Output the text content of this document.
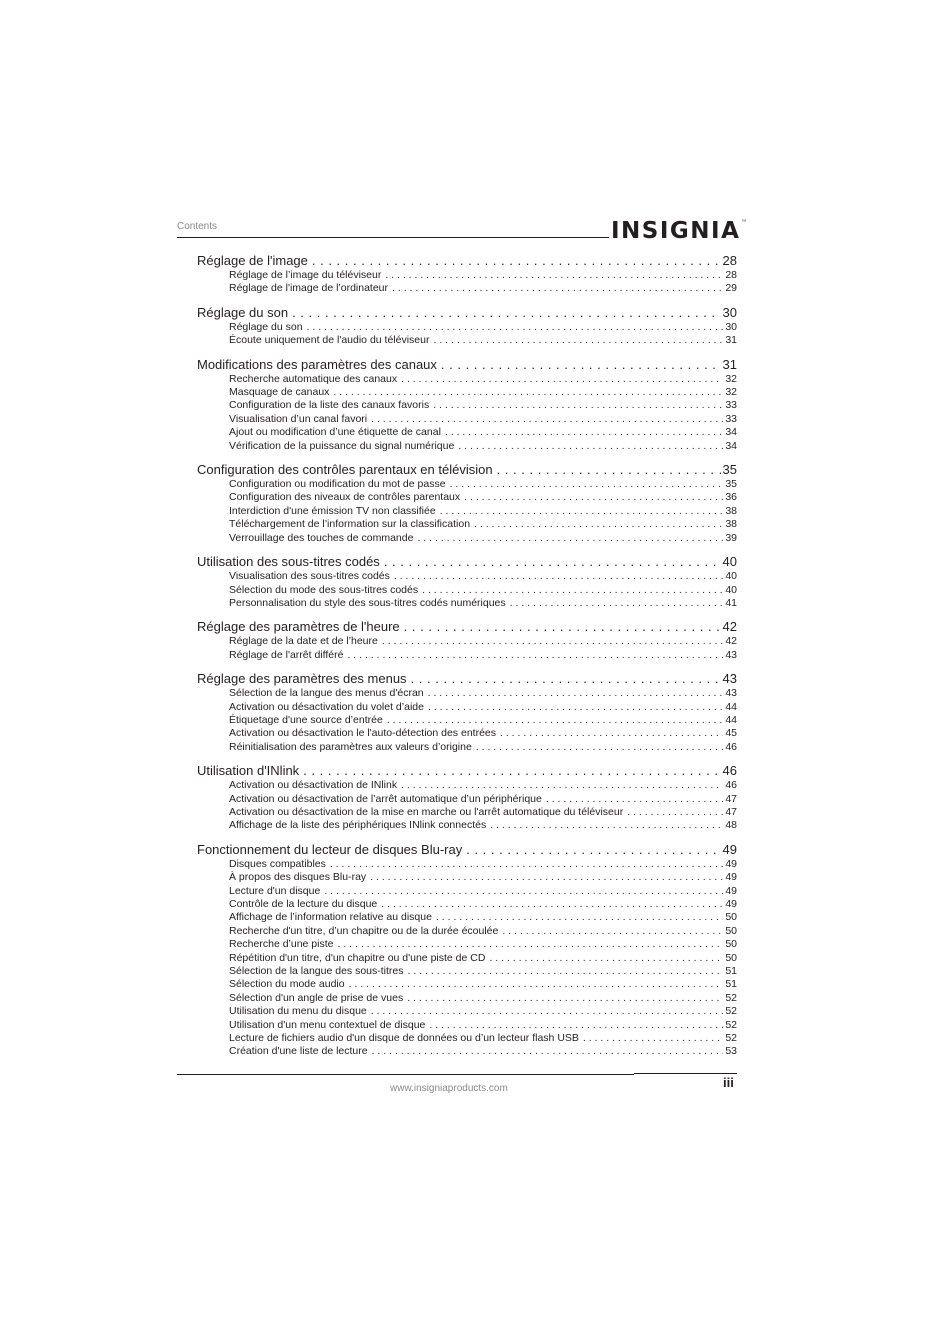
Contents	INSIGNIA ™
Réglage de l'image . . .	28
Réglage de l’image du téléviseur . . .	28
Réglage de l'image de l’ordinateur . . .	29
Réglage du son . . .	30
Réglage du son . . .	30
Écoute uniquement de l'audio du téléviseur . . .	31
Modifications des paramètres des canaux . . .	31
Recherche automatique des canaux . . .	32
Masquage de canaux . . .	32
Configuration de la liste des canaux favoris . . .	33
Visualisation d’un canal favori . . .	33
Ajout ou modification d’une étiquette de canal . . .	34
Vérification de la puissance du signal numérique . . .	34
Configuration des contrôles parentaux en télévision . . .	35
Configuration ou modification du mot de passe . . .	35
Configuration des niveaux de contrôles parentaux . . .	36
Interdiction d'une émission TV non classifiée . . .	38
Téléchargement de l’information sur la classification . . .	38
Verrouillage des touches de commande . . .	39
Utilisation des sous-titres codés . . .	40
Visualisation des sous-titres codés . . .	40
Sélection du mode des sous-titres codés . . .	40
Personnalisation du style des sous-titres codés numériques . . .	41
Réglage des paramètres de l'heure . . .	42
Réglage de la date et de l’heure . . .	42
Réglage de l'arrêt différé . . .	43
Réglage des paramètres des menus . . .	43
Sélection de la langue des menus d'écran . . .	43
Activation ou désactivation du volet d’aide . . .	44
Étiquetage d'une source d’entrée . . .	44
Activation ou désactivation le l'auto-détection des entrées . . .	45
Réinitialisation des paramètres aux valeurs d’origine . . .	46
Utilisation d'INlink . . .	46
Activation ou désactivation de INlink . . .	46
Activation ou désactivation de l’arrêt automatique d’un périphérique . . .	47
Activation ou désactivation de la mise en marche ou l'arrêt automatique du téléviseur . . .	47
Affichage de la liste des périphériques INlink connectés . . .	48
Fonctionnement du lecteur de disques Blu-ray . . .	49
Disques compatibles . . .	49
À propos des disques Blu-ray . . .	49
Lecture d'un disque . . .	49
Contrôle de la lecture du disque . . .	49
Affichage de l’information relative au disque . . .	50
Recherche d'un titre, d’un chapitre ou de la durée écoulée . . .	50
Recherche d’une piste . . .	50
Répétition d'un titre, d'un chapitre ou d'une piste de CD . . .	50
Sélection de la langue des sous-titres . . .	51
Sélection du mode audio . . .	51
Sélection d'un angle de prise de vues . . .	52
Utilisation du menu du disque . . .	52
Utilisation d'un menu contextuel de disque . . .	52
Lecture de fichiers audio d'un disque de données ou d’un lecteur flash USB . . .	52
Création d'une liste de lecture . . .	53
www.insigniaproducts.com	iii
